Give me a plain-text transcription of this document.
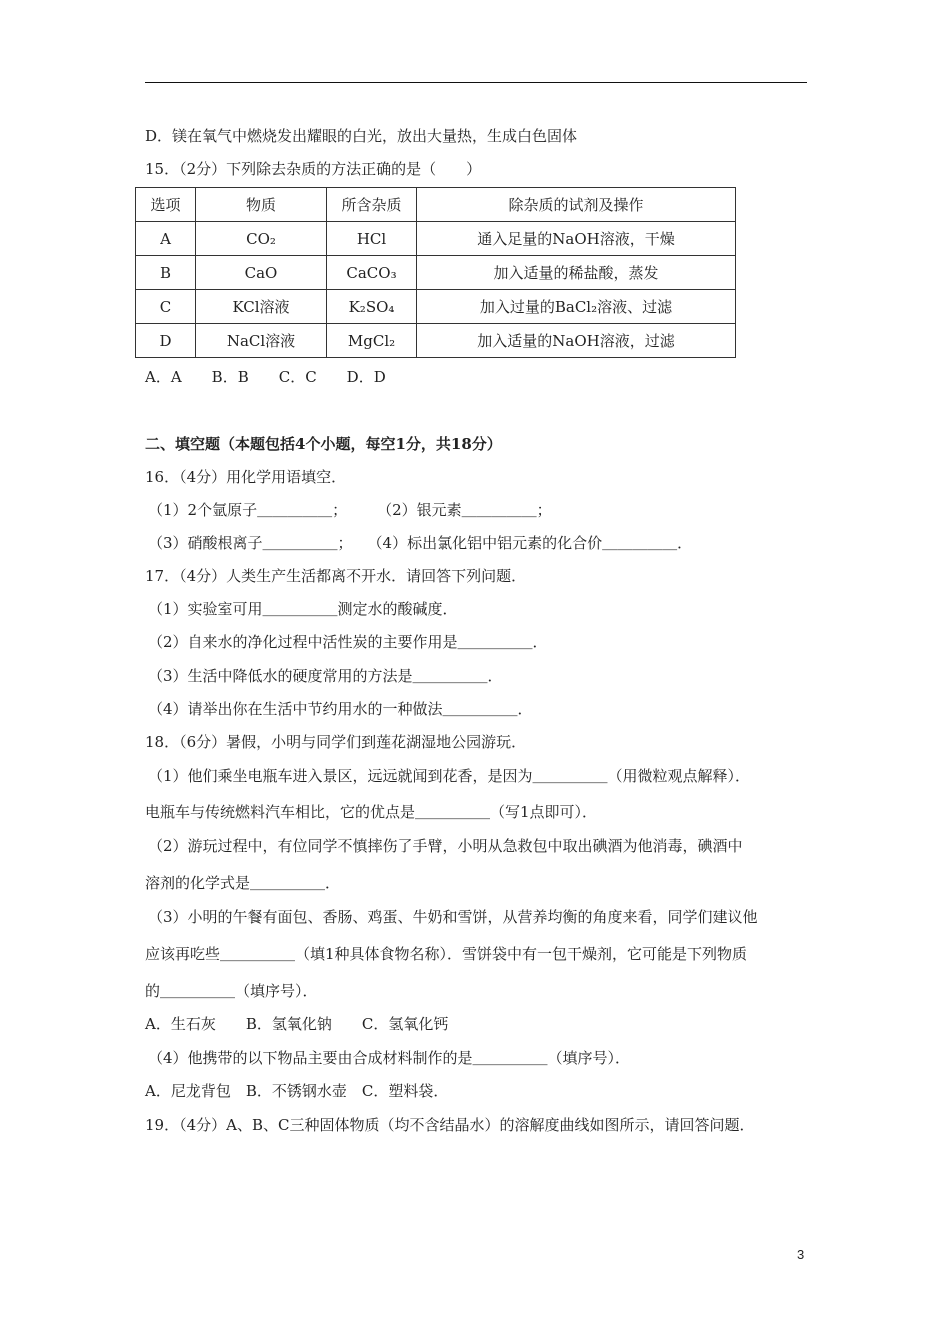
D．镁在氧气中燃烧发出耀眼的白光，放出大量热，生成白色固体
15．（2分）下列除去杂质的方法正确的是（　　）
选项	物质	所含杂质	除杂质的试剂及操作
A	CO₂	HCl	通入足量的NaOH溶液，干燥
B	CaO	CaCO₃	加入适量的稀盐酸，蒸发
C	KCl溶液	K₂SO₄	加入过量的BaCl₂溶液、过滤
D	NaCl溶液	MgCl₂	加入适量的NaOH溶液，过滤
A．A　　B．B　　C．C　　D．D
二、填空题（本题包括4个小题，每空1分，共18分）
16．（4分）用化学用语填空．
（1）2个氩原子＿＿＿＿＿；　　　（2）银元素＿＿＿＿＿；
（3）硝酸根离子＿＿＿＿＿；　　（4）标出氯化铝中铝元素的化合价＿＿＿＿＿．
17．（4分）人类生产生活都离不开水．请回答下列问题．
（1）实验室可用＿＿＿＿＿测定水的酸碱度．
（2）自来水的净化过程中活性炭的主要作用是＿＿＿＿＿．
（3）生活中降低水的硬度常用的方法是＿＿＿＿＿．
（4）请举出你在生活中节约用水的一种做法＿＿＿＿＿．
18．（6分）暑假，小明与同学们到莲花湖湿地公园游玩．
（1）他们乘坐电瓶车进入景区，远远就闻到花香，是因为＿＿＿＿＿（用微粒观点解释）．
电瓶车与传统燃料汽车相比，它的优点是＿＿＿＿＿（写1点即可）．
（2）游玩过程中，有位同学不慎摔伤了手臂，小明从急救包中取出碘酒为他消毒，碘酒中
溶剂的化学式是＿＿＿＿＿．
（3）小明的午餐有面包、香肠、鸡蛋、牛奶和雪饼，从营养均衡的角度来看，同学们建议他
应该再吃些＿＿＿＿＿（填1种具体食物名称）．雪饼袋中有一包干燥剂，它可能是下列物质
的＿＿＿＿＿（填序号）．
A．生石灰　　B．氢氧化钠　　C．氢氧化钙
（4）他携带的以下物品主要由合成材料制作的是＿＿＿＿＿（填序号）．
A．尼龙背包　B．不锈钢水壶　C．塑料袋．
19．（4分）A、B、C三种固体物质（均不含结晶水）的溶解度曲线如图所示，请回答问题．
3
